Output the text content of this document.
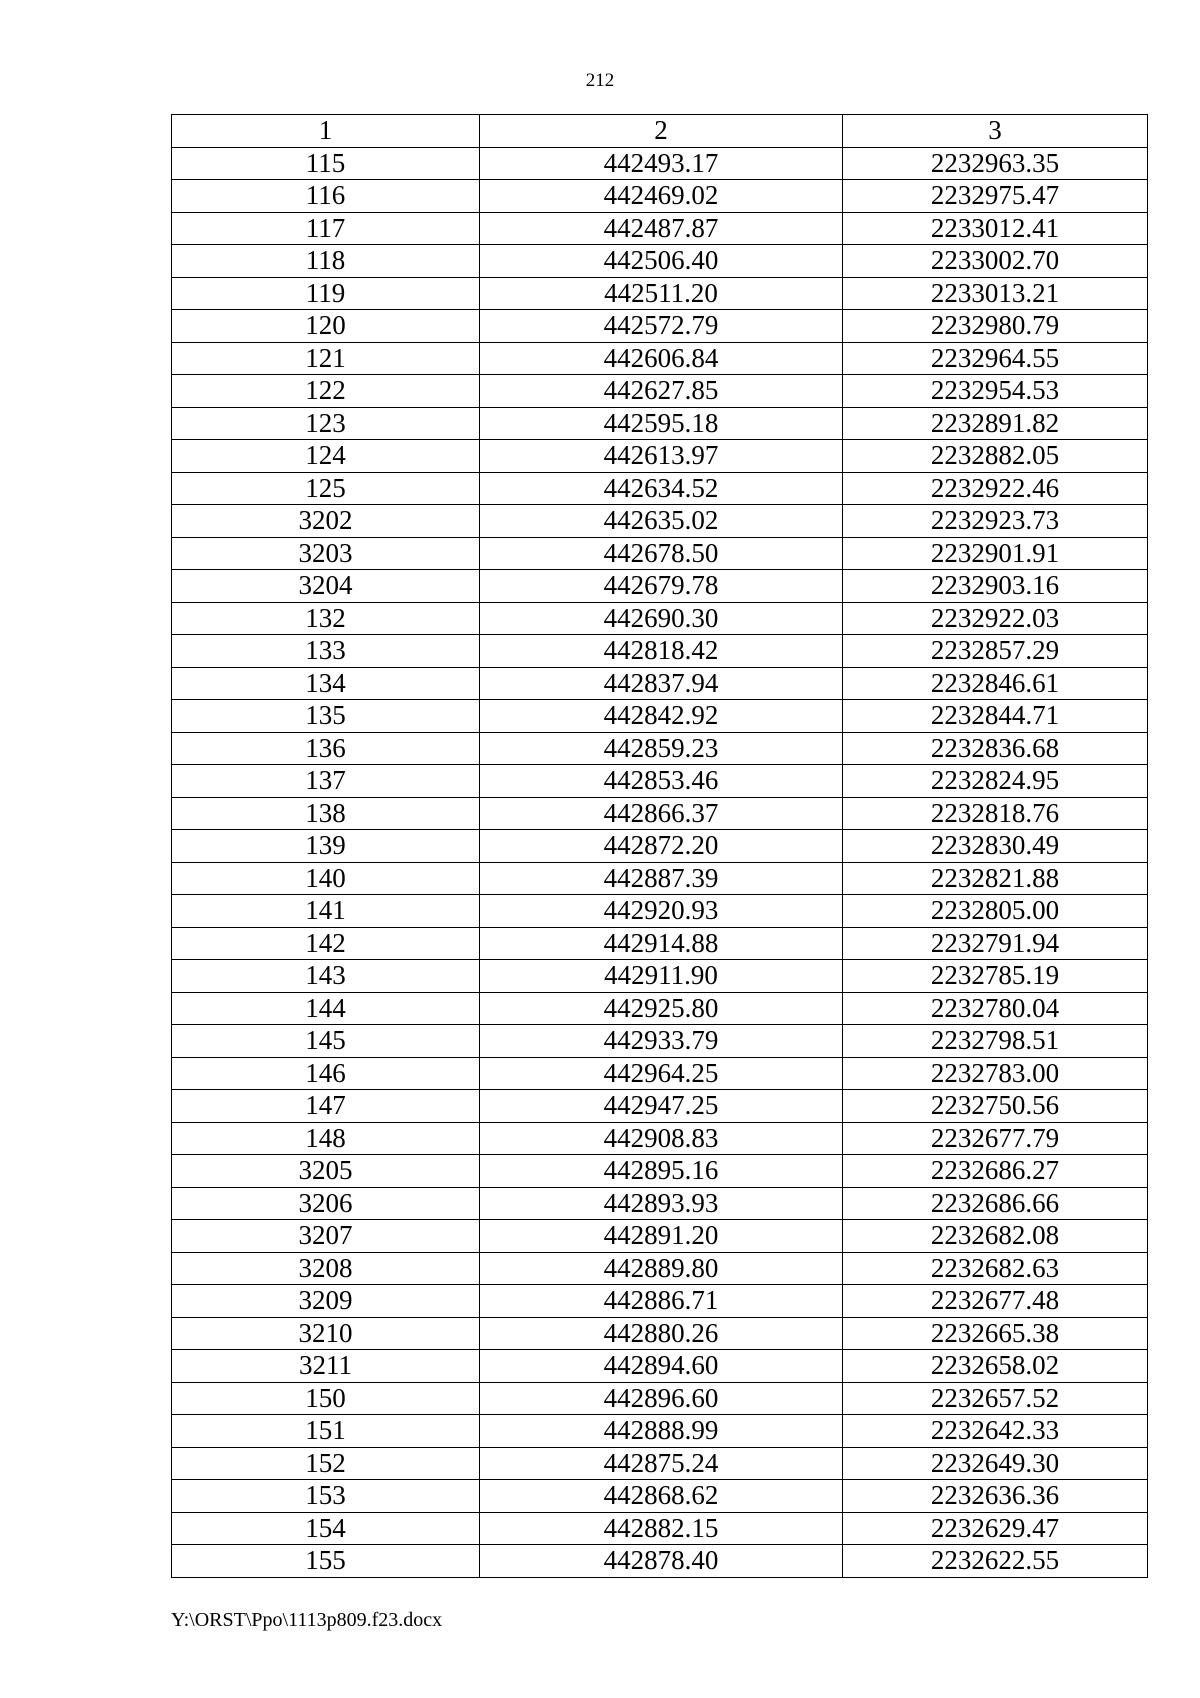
212
1	2	3
115	442493.17	2232963.35
116	442469.02	2232975.47
117	442487.87	2233012.41
118	442506.40	2233002.70
119	442511.20	2233013.21
120	442572.79	2232980.79
121	442606.84	2232964.55
122	442627.85	2232954.53
123	442595.18	2232891.82
124	442613.97	2232882.05
125	442634.52	2232922.46
3202	442635.02	2232923.73
3203	442678.50	2232901.91
3204	442679.78	2232903.16
132	442690.30	2232922.03
133	442818.42	2232857.29
134	442837.94	2232846.61
135	442842.92	2232844.71
136	442859.23	2232836.68
137	442853.46	2232824.95
138	442866.37	2232818.76
139	442872.20	2232830.49
140	442887.39	2232821.88
141	442920.93	2232805.00
142	442914.88	2232791.94
143	442911.90	2232785.19
144	442925.80	2232780.04
145	442933.79	2232798.51
146	442964.25	2232783.00
147	442947.25	2232750.56
148	442908.83	2232677.79
3205	442895.16	2232686.27
3206	442893.93	2232686.66
3207	442891.20	2232682.08
3208	442889.80	2232682.63
3209	442886.71	2232677.48
3210	442880.26	2232665.38
3211	442894.60	2232658.02
150	442896.60	2232657.52
151	442888.99	2232642.33
152	442875.24	2232649.30
153	442868.62	2232636.36
154	442882.15	2232629.47
155	442878.40	2232622.55
Y:\ORST\Ppo\1113p809.f23.docx
